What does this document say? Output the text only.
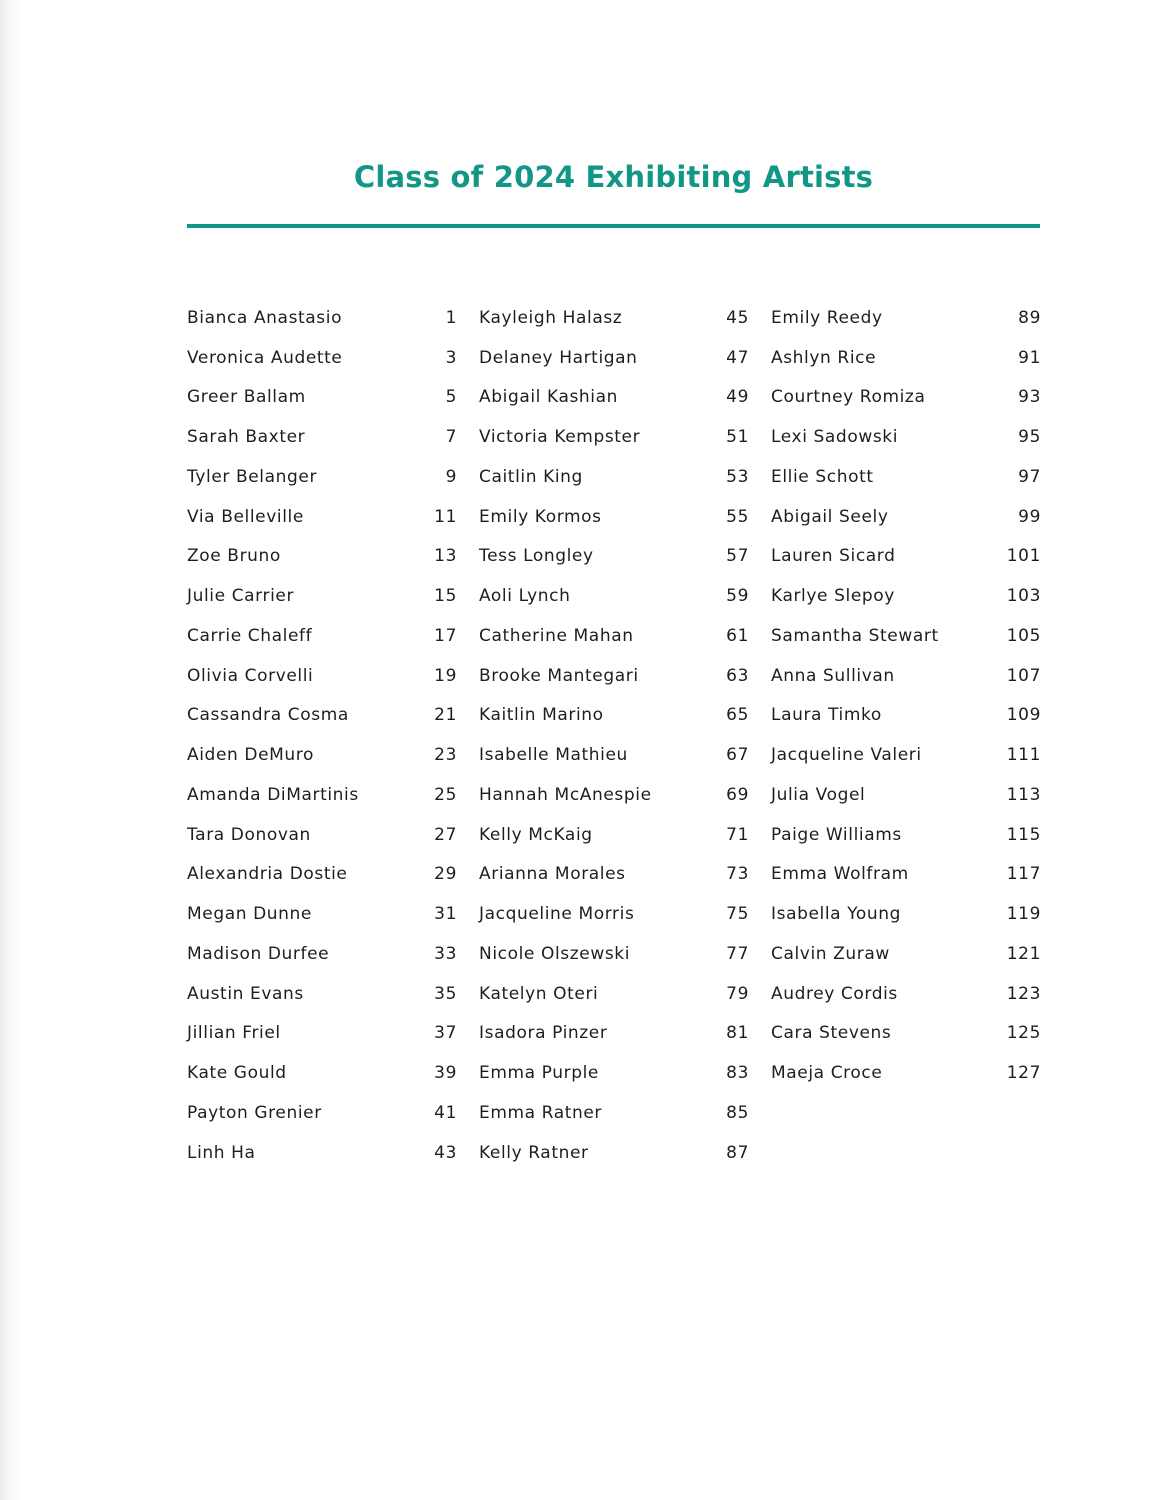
Class of 2024 Exhibiting Artists
Bianca Anastasio	1
Veronica Audette	3
Greer Ballam	5
Sarah Baxter	7
Tyler Belanger	9
Via Belleville	11
Zoe Bruno	13
Julie Carrier	15
Carrie Chaleff	17
Olivia Corvelli	19
Cassandra Cosma	21
Aiden DeMuro	23
Amanda DiMartinis	25
Tara Donovan	27
Alexandria Dostie	29
Megan Dunne	31
Madison Durfee	33
Austin Evans	35
Jillian Friel	37
Kate Gould	39
Payton Grenier	41
Linh Ha	43
Kayleigh Halasz	45
Delaney Hartigan	47
Abigail Kashian	49
Victoria Kempster	51
Caitlin King	53
Emily Kormos	55
Tess Longley	57
Aoli Lynch	59
Catherine Mahan	61
Brooke Mantegari	63
Kaitlin Marino	65
Isabelle Mathieu	67
Hannah McAnespie	69
Kelly McKaig	71
Arianna Morales	73
Jacqueline Morris	75
Nicole Olszewski	77
Katelyn Oteri	79
Isadora Pinzer	81
Emma Purple	83
Emma Ratner	85
Kelly Ratner	87
Emily Reedy	89
Ashlyn Rice	91
Courtney Romiza	93
Lexi Sadowski	95
Ellie Schott	97
Abigail Seely	99
Lauren Sicard	101
Karlye Slepoy	103
Samantha Stewart	105
Anna Sullivan	107
Laura Timko	109
Jacqueline Valeri	111
Julia Vogel	113
Paige Williams	115
Emma Wolfram	117
Isabella Young	119
Calvin Zuraw	121
Audrey Cordis	123
Cara Stevens	125
Maeja Croce	127
